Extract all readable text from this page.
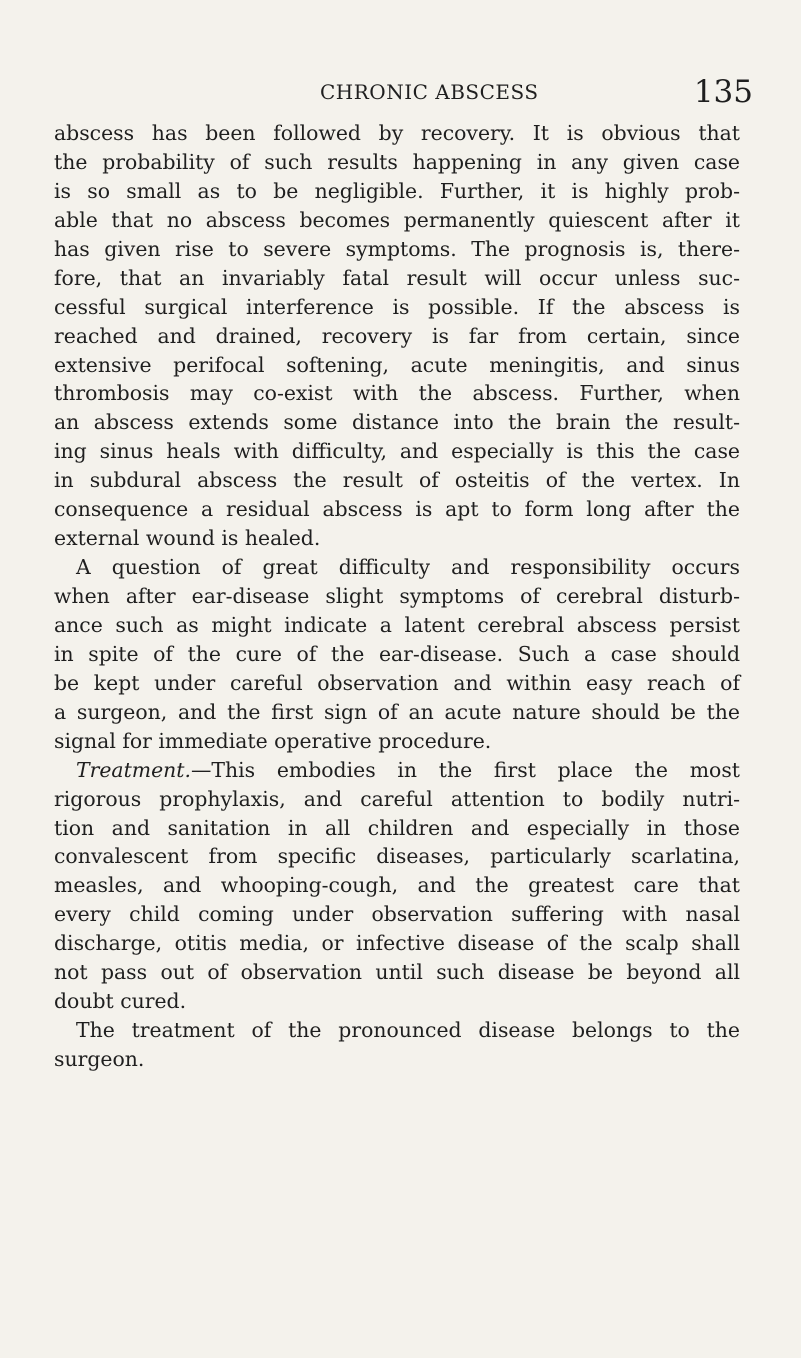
CHRONIC ABSCESS	135
abscess has been followed by recovery. It is obvious that
the probability of such results happening in any given case
is so small as to be negligible. Further, it is highly prob-
able that no abscess becomes permanently quiescent after it
has given rise to severe symptoms. The prognosis is, there-
fore, that an invariably fatal result will occur unless suc-
cessful surgical interference is possible. If the abscess is
reached and drained, recovery is far from certain, since
extensive perifocal softening, acute meningitis, and sinus
thrombosis may co-exist with the abscess. Further, when
an abscess extends some distance into the brain the result-
ing sinus heals with difficulty, and especially is this the case
in subdural abscess the result of osteitis of the vertex. In
consequence a residual abscess is apt to form long after the
external wound is healed.
A question of great difficulty and responsibility occurs
when after ear-disease slight symptoms of cerebral disturb-
ance such as might indicate a latent cerebral abscess persist
in spite of the cure of the ear-disease. Such a case should
be kept under careful observation and within easy reach of
a surgeon, and the first sign of an acute nature should be the
signal for immediate operative procedure.
Treatment.—This embodies in the first place the most
rigorous prophylaxis, and careful attention to bodily nutri-
tion and sanitation in all children and especially in those
convalescent from specific diseases, particularly scarlatina,
measles, and whooping-cough, and the greatest care that
every child coming under observation suffering with nasal
discharge, otitis media, or infective disease of the scalp shall
not pass out of observation until such disease be beyond all
doubt cured.
The treatment of the pronounced disease belongs to the
surgeon.
